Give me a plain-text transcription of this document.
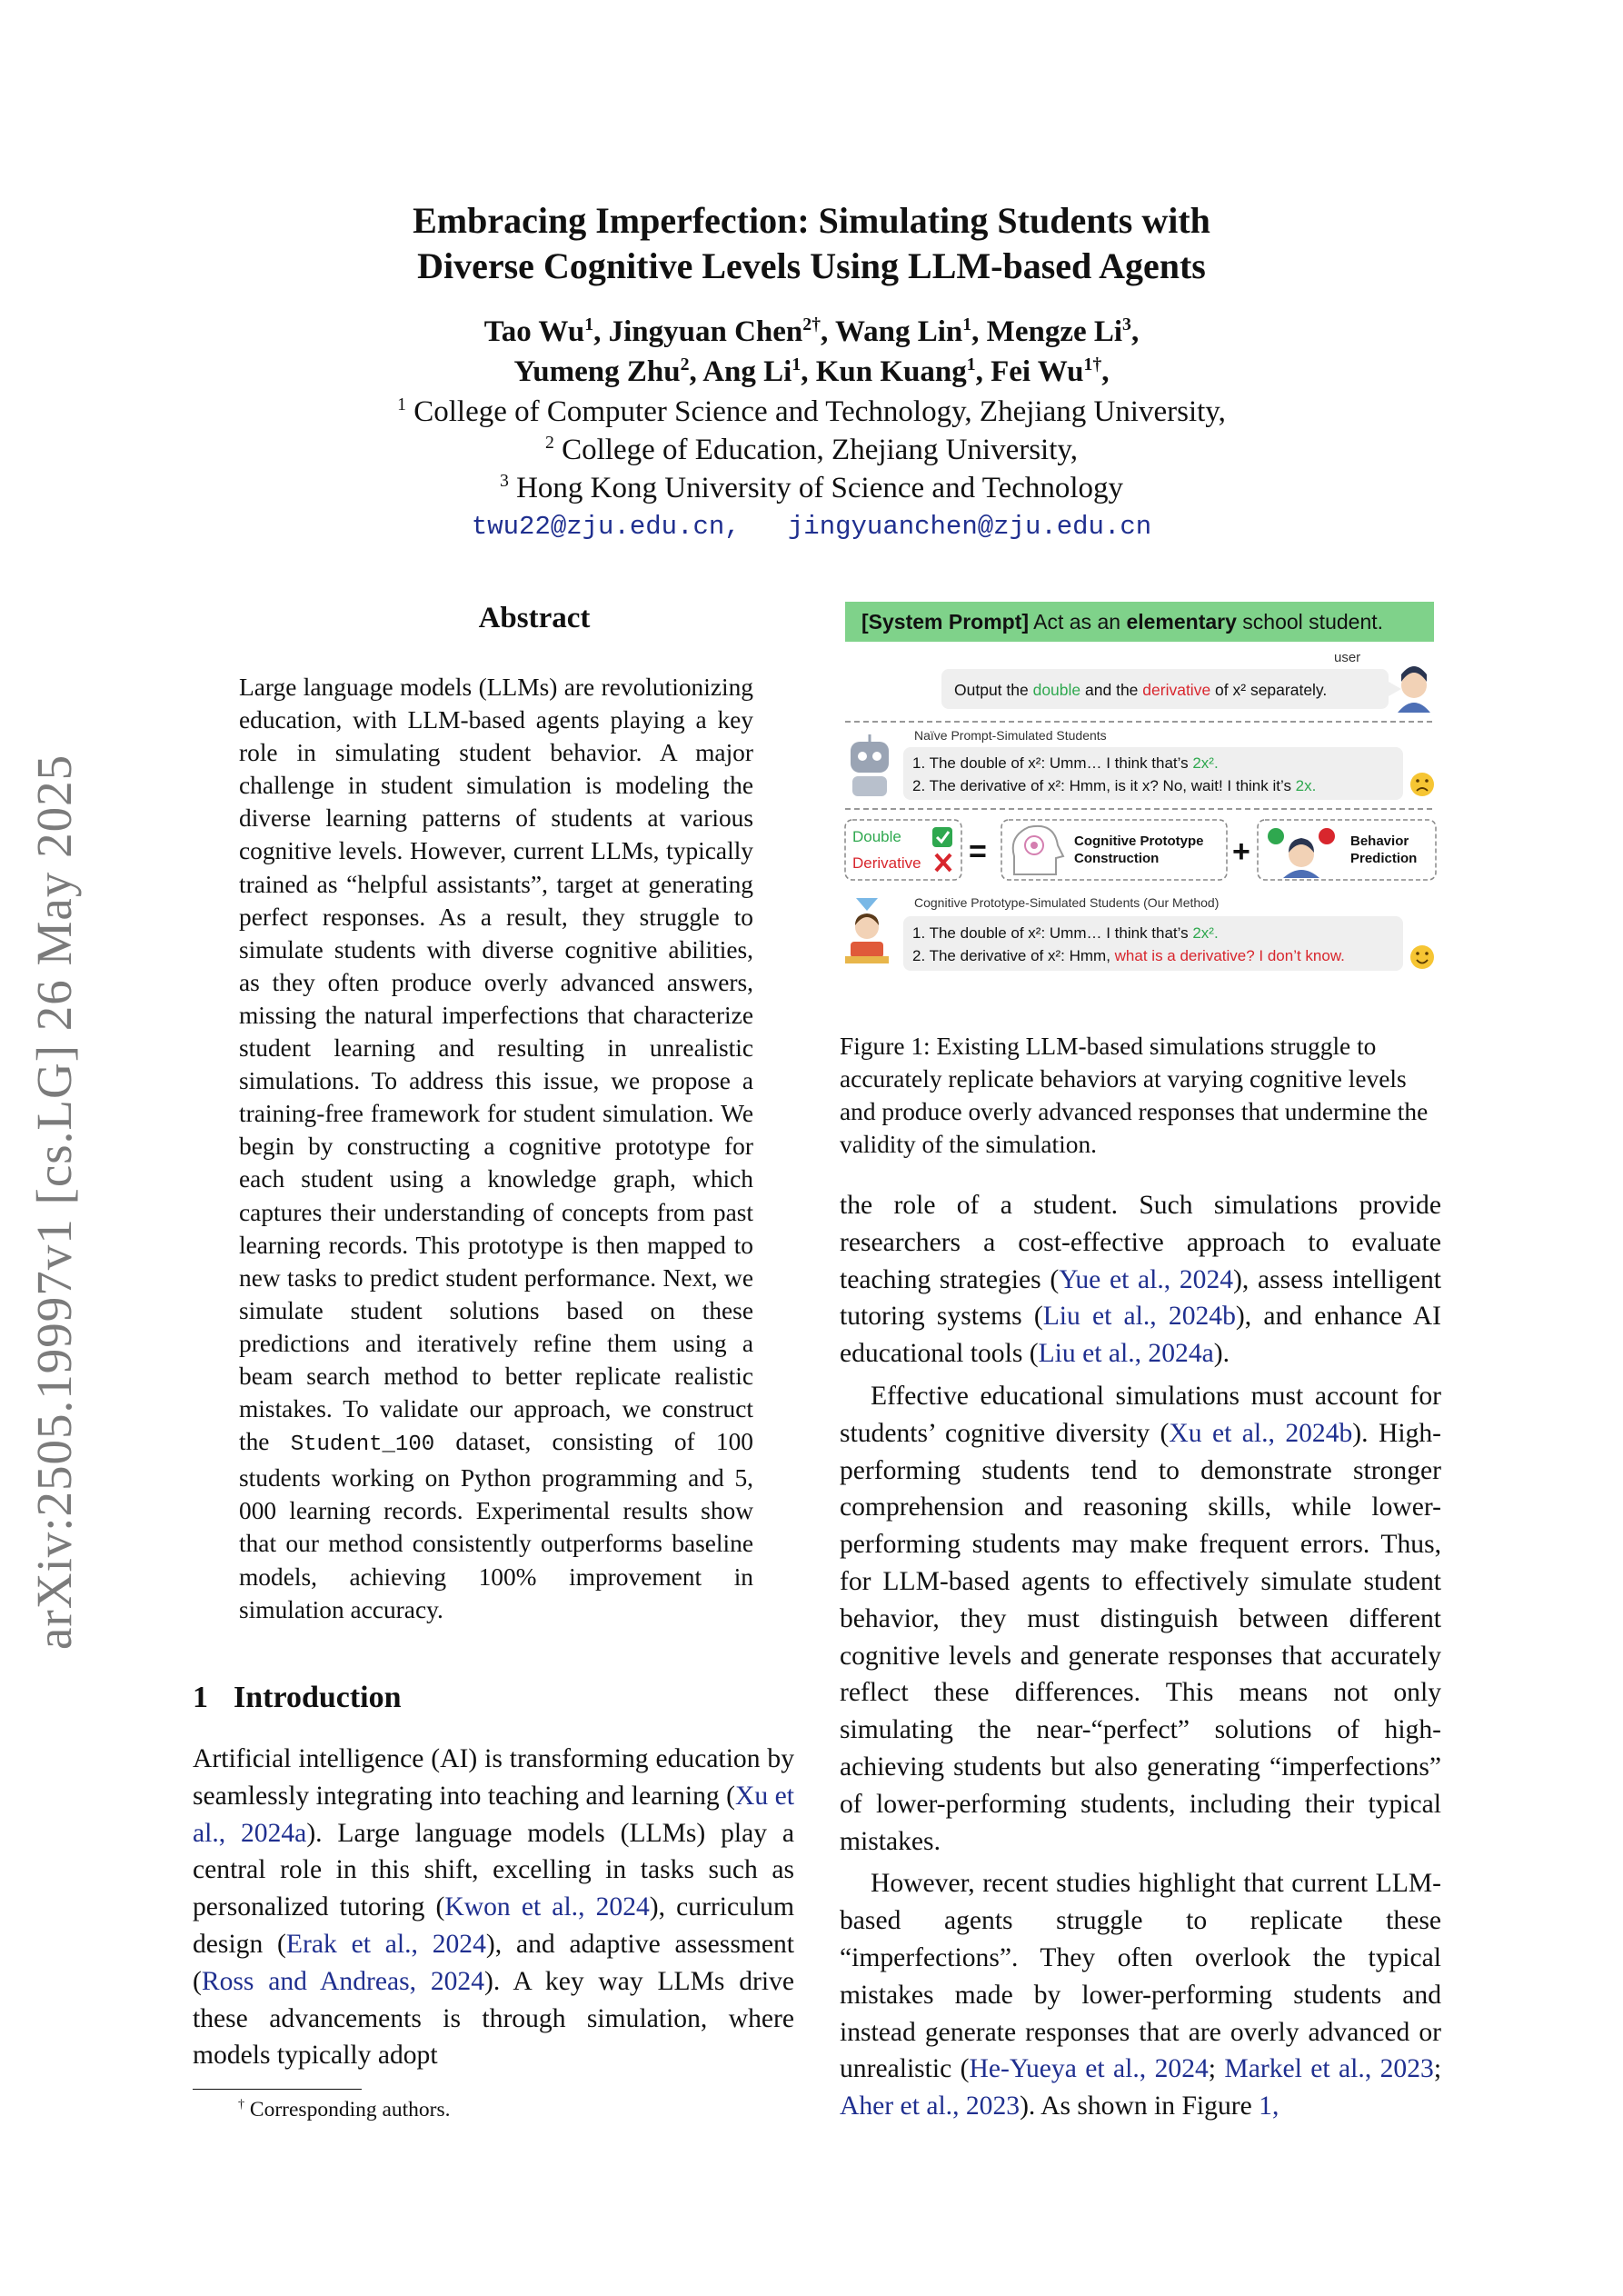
arXiv:2505.19997v1 [cs.LG] 26 May 2025
Embracing Imperfection: Simulating Students with
Diverse Cognitive Levels Using LLM-based Agents
Tao Wu$^1$, Jingyuan Chen$^{2\dagger}$, Wang Lin$^1$, Mengze Li$^3$,
Yumeng Zhu$^2$, Ang Li$^1$, Kun Kuang$^1$, Fei $Wu^{1\dagger}$,
$^1$ College of Computer Science and Technology, Zhejiang University,
$^2$ College of Education, Zhejiang University,
$^3$ Hong Kong University of Science and Technology
twu22@zju.edu.cn, jingyuanchen@zju.edu.cn
Abstract
Large language models (LLMs) are revolutionizing education, with LLM-based agents playing a key role in simulating student behavior. A major challenge in student simulation is modeling the diverse learning patterns of students at various cognitive levels. However, current LLMs, typically trained as “helpful assistants”, target at generating perfect responses. As a result, they struggle to simulate students with diverse cognitive abilities, as they often produce overly advanced answers, missing the natural imperfections that characterize student learning and resulting in unrealistic simulations. To address this issue, we propose a training-free framework for student simulation. We begin by constructing a cognitive prototype for each student using a knowledge graph, which captures their understanding of concepts from past learning records. This prototype is then mapped to new tasks to predict student performance. Next, we simulate student solutions based on these predictions and iteratively refine them using a beam search method to better replicate realistic mistakes. To validate our approach, we construct the Student_100 dataset, consisting of 100 students working on Python programming and 5, 000 learning records. Experimental results show that our method consistently outperforms baseline models, achieving 100% improvement in simulation accuracy.
1 Introduction

Artificial intelligence (AI) is transforming education by seamlessly integrating into teaching and learning (Xu et al., 2024a). Large language models (LLMs) play a central role in this shift, excelling in tasks such as personalized tutoring (Kwon et al., 2024), curriculum design (Erak et al., 2024), and adaptive assessment (Ross and Andreas, 2024). A key way LLMs drive these advancements is through simulation, where models typically adopt

† Corresponding authors.
[System Prompt] Act as an elementary school student.
user
Output the double and the derivative of x² separately.
Naïve Prompt-Simulated Students
1. The double of x²: Umm… I think that’s 2x².
2. The derivative of x²: Hmm, is it x? No, wait! I think it’s 2x.
Double
Derivative =	Cognitive Prototype
Construction +	Behavior
Prediction
Cognitive Prototype-Simulated Students (Our Method)
1. The double of x²: Umm… I think that’s 2x².
2. The derivative of x²: Hmm, what is a derivative? I don’t know.
Figure 1: Existing LLM-based simulations struggle to accurately replicate behaviors at varying cognitive levels and produce overly advanced responses that undermine the validity of the simulation.

the role of a student. Such simulations provide researchers a cost-effective approach to evaluate teaching strategies (Yue et al., 2024), assess intelligent tutoring systems (Liu et al., 2024b), and enhance AI educational tools (Liu et al., 2024a).

Effective educational simulations must account for students’ cognitive diversity (Xu et al., 2024b). High-performing students tend to demonstrate stronger comprehension and reasoning skills, while lower-performing students may make frequent errors. Thus, for LLM-based agents to effectively simulate student behavior, they must distinguish between different cognitive levels and generate responses that accurately reflect these differences. This means not only simulating the near-“perfect” solutions of high-achieving students but also generating “imperfections” of lower-performing students, including their typical mistakes.

However, recent studies highlight that current LLM-based agents struggle to replicate these “imperfections”. They often overlook the typical mistakes made by lower-performing students and instead generate responses that are overly advanced or unrealistic (He-Yueya et al., 2024; Markel et al., 2023; Aher et al., 2023). As shown in Figure 1,
